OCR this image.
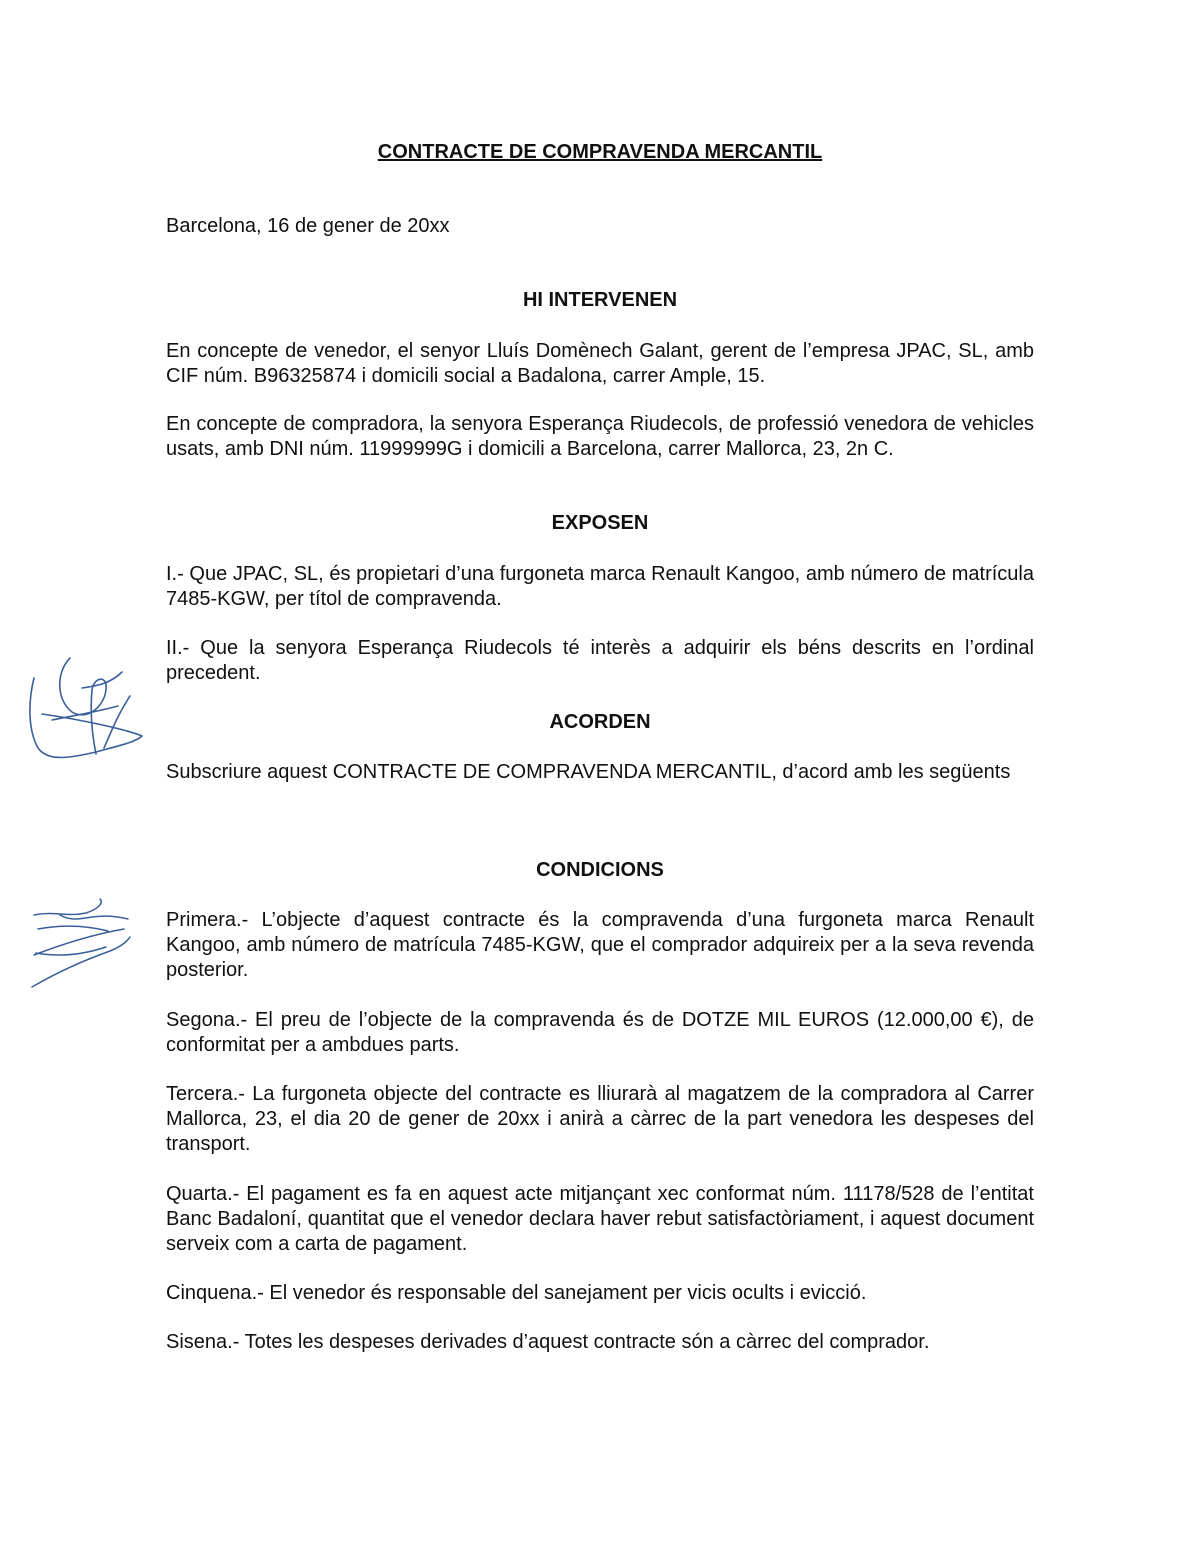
CONTRACTE DE COMPRAVENDA MERCANTIL

Barcelona, 16 de gener de 20xx

HI INTERVENEN

En concepte de venedor, el senyor Lluís Domènech Galant, gerent de l’empresa JPAC, SL, amb CIF núm. B96325874 i domicili social a Badalona, carrer Ample, 15.

En concepte de compradora, la senyora Esperança Riudecols, de professió venedora de vehicles usats, amb DNI núm. 11999999G i domicili a Barcelona, carrer Mallorca, 23, 2n C.

EXPOSEN

I.- Que JPAC, SL, és propietari d’una furgoneta marca Renault Kangoo, amb número de matrícula 7485-KGW, per títol de compravenda.

II.- Que la senyora Esperança Riudecols té interès a adquirir els béns descrits en l’ordinal precedent.

ACORDEN

Subscriure aquest CONTRACTE DE COMPRAVENDA MERCANTIL, d’acord amb les següents

CONDICIONS

Primera.- L’objecte d’aquest contracte és la compravenda d’una furgoneta marca Renault Kangoo, amb número de matrícula 7485-KGW, que el comprador adquireix per a la seva revenda posterior.

Segona.- El preu de l’objecte de la compravenda és de DOTZE MIL EUROS (12.000,00 €), de conformitat per a ambdues parts.

Tercera.- La furgoneta objecte del contracte es lliurarà al magatzem de la compradora al Carrer Mallorca, 23, el dia 20 de gener de 20xx i anirà a càrrec de la part venedora les despeses del transport.

Quarta.- El pagament es fa en aquest acte mitjançant xec conformat núm. 11178/528 de l’entitat Banc Badaloní, quantitat que el venedor declara haver rebut satisfactòriament, i aquest document serveix com a carta de pagament.

Cinquena.- El venedor és responsable del sanejament per vicis ocults i evicció.

Sisena.- Totes les despeses derivades d’aquest contracte són a càrrec del comprador.
